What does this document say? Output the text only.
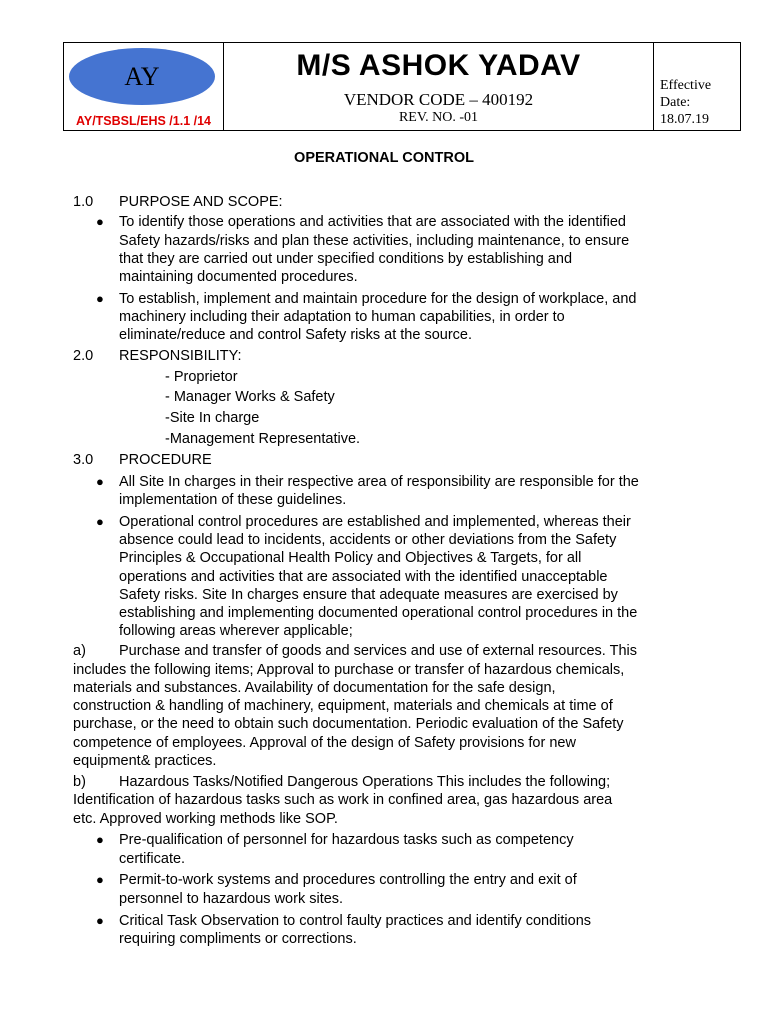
AY
AY/TSBSL/EHS /1.1 /14
M/S ASHOK YADAV
VENDOR CODE – 400192
REV. NO. -01
Effective
Date:
18.07.19
OPERATIONAL CONTROL
1.0 PURPOSE AND SCOPE:
● To identify those operations and activities that are associated with the identified
Safety hazards/risks and plan these activities, including maintenance, to ensure
that they are carried out under specified conditions by establishing and
maintaining documented procedures.
● To establish, implement and maintain procedure for the design of workplace, and
machinery including their adaptation to human capabilities, in order to
eliminate/reduce and control Safety risks at the source.
2.0 RESPONSIBILITY:
- Proprietor
- Manager Works & Safety
-Site In charge
-Management Representative.
3.0 PROCEDURE
● All Site In charges in their respective area of responsibility are responsible for the
implementation of these guidelines.
● Operational control procedures are established and implemented, whereas their
absence could lead to incidents, accidents or other deviations from the Safety
Principles & Occupational Health Policy and Objectives & Targets, for all
operations and activities that are associated with the identified unacceptable
Safety risks. Site In charges ensure that adequate measures are exercised by
establishing and implementing documented operational control procedures in the
following areas wherever applicable;
a) Purchase and transfer of goods and services and use of external resources. This
includes the following items; Approval to purchase or transfer of hazardous chemicals,
materials and substances. Availability of documentation for the safe design,
construction & handling of machinery, equipment, materials and chemicals at time of
purchase, or the need to obtain such documentation. Periodic evaluation of the Safety
competence of employees. Approval of the design of Safety provisions for new
equipment& practices.
b) Hazardous Tasks/Notified Dangerous Operations This includes the following;
Identification of hazardous tasks such as work in confined area, gas hazardous area
etc. Approved working methods like SOP.
● Pre-qualification of personnel for hazardous tasks such as competency
certificate.
● Permit-to-work systems and procedures controlling the entry and exit of
personnel to hazardous work sites.
● Critical Task Observation to control faulty practices and identify conditions
requiring compliments or corrections.
